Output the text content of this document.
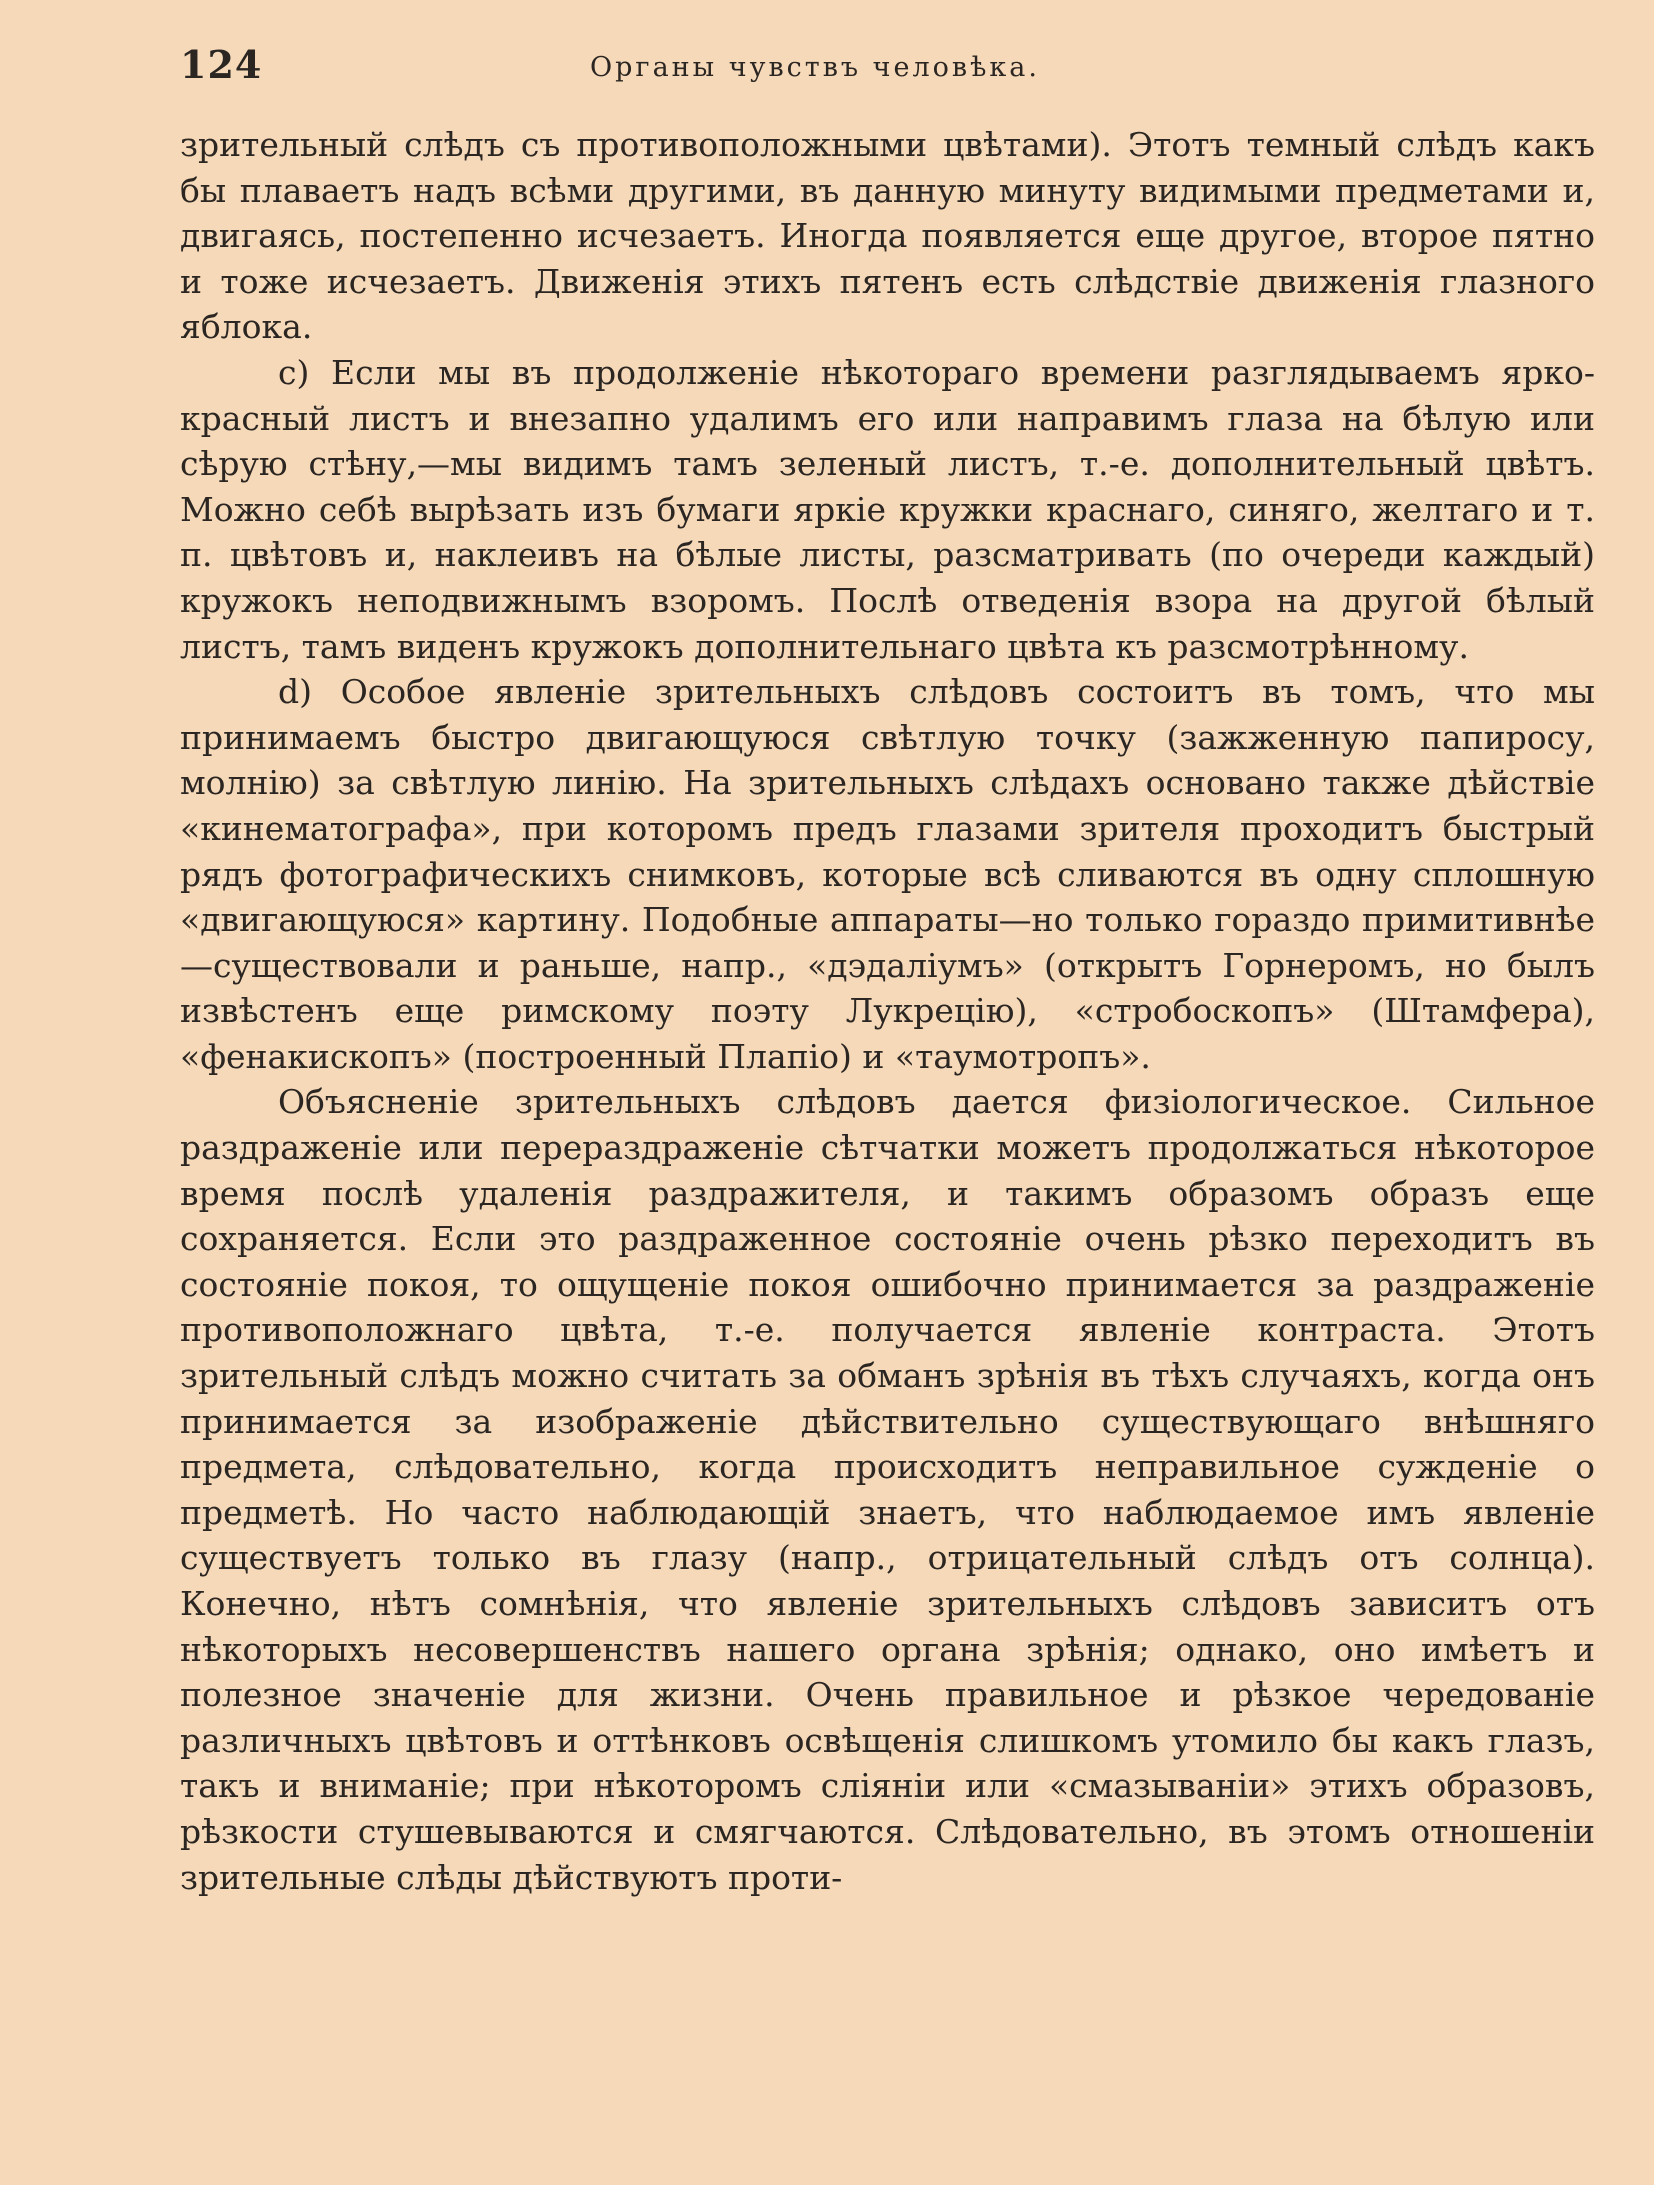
124	Органы чувствъ человѣка.

зрительный слѣдъ съ противоположными цвѣтами). Этотъ темный слѣдъ какъ бы плаваетъ надъ всѣми другими, въ данную минуту видимыми предметами и, двигаясь, постепенно исчезаетъ. Иногда появляется еще другое, второе пятно и тоже исчезаетъ. Движенія этихъ пятенъ есть слѣдствіе движенія глазного яблока.

c) Если мы въ продолженіе нѣкотораго времени разглядываемъ ярко-красный листъ и внезапно удалимъ его или направимъ глаза на бѣлую или сѣрую стѣну,—мы видимъ тамъ зеленый листъ, т.-е. дополнительный цвѣтъ. Можно себѣ вырѣзать изъ бумаги яркіе кружки краснаго, синяго, желтаго и т. п. цвѣтовъ и, наклеивъ на бѣлые листы, разсматривать (по очереди каждый) кружокъ неподвижнымъ взоромъ. Послѣ отведенія взора на другой бѣлый листъ, тамъ виденъ кружокъ дополнительнаго цвѣта къ разсмотрѣнному.

d) Особое явленіе зрительныхъ слѣдовъ состоитъ въ томъ, что мы принимаемъ быстро двигающуюся свѣтлую точку (зажженную папиросу, молнію) за свѣтлую линію. На зрительныхъ слѣдахъ основано также дѣйствіе «кинематографа», при которомъ предъ глазами зрителя проходитъ быстрый рядъ фотографическихъ снимковъ, которые всѣ сливаются въ одну сплошную «двигающуюся» картину. Подобные аппараты—но только гораздо примитивнѣе—существовали и раньше, напр., «дэдаліумъ» (открытъ Горнеромъ, но былъ извѣстенъ еще римскому поэту Лукрецію), «стробоскопъ» (Штамфера), «фенакископъ» (построенный Плапіо) и «таумотропъ».

Объясненіе зрительныхъ слѣдовъ дается физіологическое. Сильное раздраженіе или перераздраженіе сѣтчатки можетъ продолжаться нѣкоторое время послѣ удаленія раздражителя, и такимъ образомъ образъ еще сохраняется. Если это раздраженное состояніе очень рѣзко переходитъ въ состояніе покоя, то ощущеніе покоя ошибочно принимается за раздраженіе противоположнаго цвѣта, т.-е. получается явленіе контраста. Этотъ зрительный слѣдъ можно считать за обманъ зрѣнія въ тѣхъ случаяхъ, когда онъ принимается за изображеніе дѣйствительно существующаго внѣшняго предмета, слѣдовательно, когда происходитъ неправильное сужденіе о предметѣ. Но часто наблюдающій знаетъ, что наблюдаемое имъ явленіе существуетъ только въ глазу (напр., отрицательный слѣдъ отъ солнца). Конечно, нѣтъ сомнѣнія, что явленіе зрительныхъ слѣдовъ зависитъ отъ нѣкоторыхъ несовершенствъ нашего органа зрѣнія; однако, оно имѣетъ и полезное значеніе для жизни. Очень правильное и рѣзкое чередованіе различныхъ цвѣтовъ и оттѣнковъ освѣщенія слишкомъ утомило бы какъ глазъ, такъ и вниманіе; при нѣкоторомъ сліяніи или «смазываніи» этихъ образовъ, рѣзкости стушевываются и смягчаются. Слѣдовательно, въ этомъ отношеніи зрительные слѣды дѣйствуютъ проти-
